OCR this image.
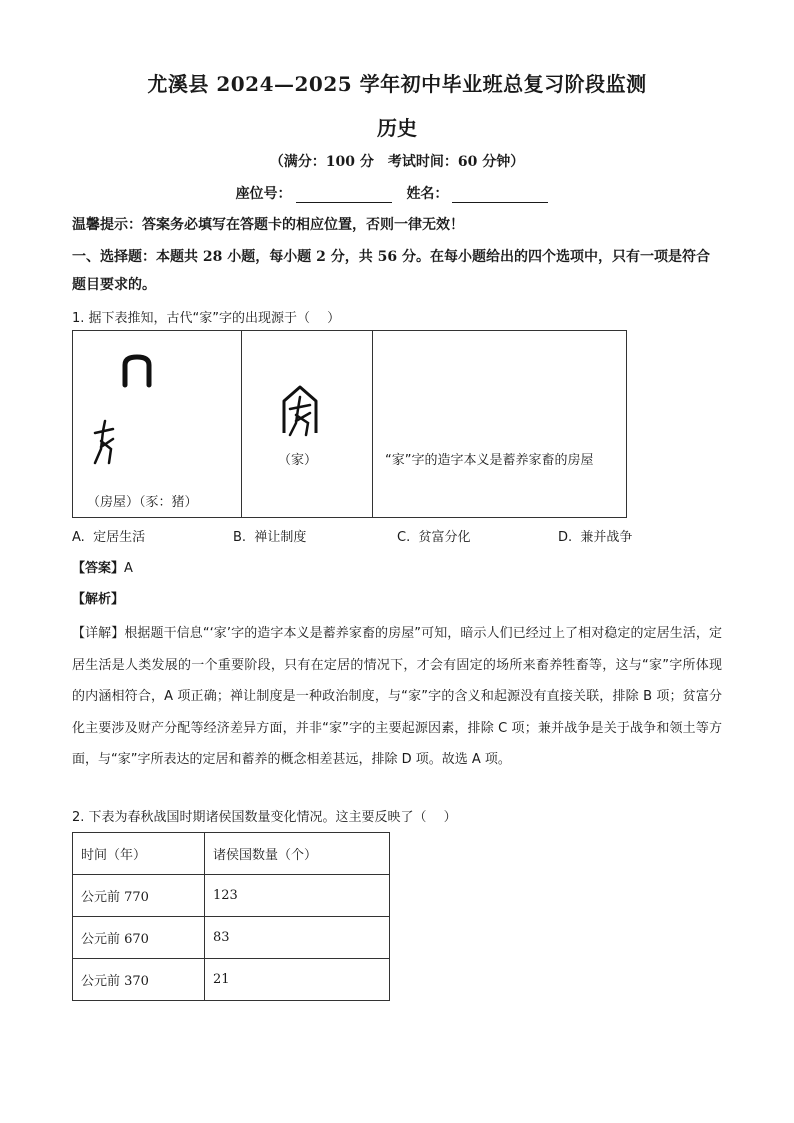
尤溪县 2024—2025 学年初中毕业班总复习阶段监测
历史
（满分：100 分　考试时间：60 分钟）
座位号：	姓名：
温馨提示：答案务必填写在答题卡的相应位置，否则一律无效！
一、选择题：本题共 28 小题，每小题 2 分，共 56 分。在每小题给出的四个选项中，只有一项是符合题目要求的。
1. 据下表推知，古代“家”字的出现源于（　 ）
（房屋）（豕：猪）

（家）	“家”字的造字本义是蓄养家畜的房屋
A. 定居生活	B. 禅让制度	C. 贫富分化	D. 兼并战争
【答案】A
【解析】
【详解】根据题干信息“‘家’字的造字本义是蓄养家畜的房屋”可知，暗示人们已经过上了相对稳定的定居生活，定居生活是人类发展的一个重要阶段，只有在定居的情况下，才会有固定的场所来畜养牲畜等，这与“家”字所体现的内涵相符合，A 项正确；禅让制度是一种政治制度，与“家”字的含义和起源没有直接关联，排除 B 项；贫富分化主要涉及财产分配等经济差异方面，并非“家”字的主要起源因素，排除 C 项；兼并战争是关于战争和领土等方面，与“家”字所表达的定居和蓄养的概念相差甚远，排除 D 项。故选 A 项。
2. 下表为春秋战国时期诸侯国数量变化情况。这主要反映了（　 ）
时间（年）	诸侯国数量（个）
公元前 770	123
公元前 670	83
公元前 370	21
